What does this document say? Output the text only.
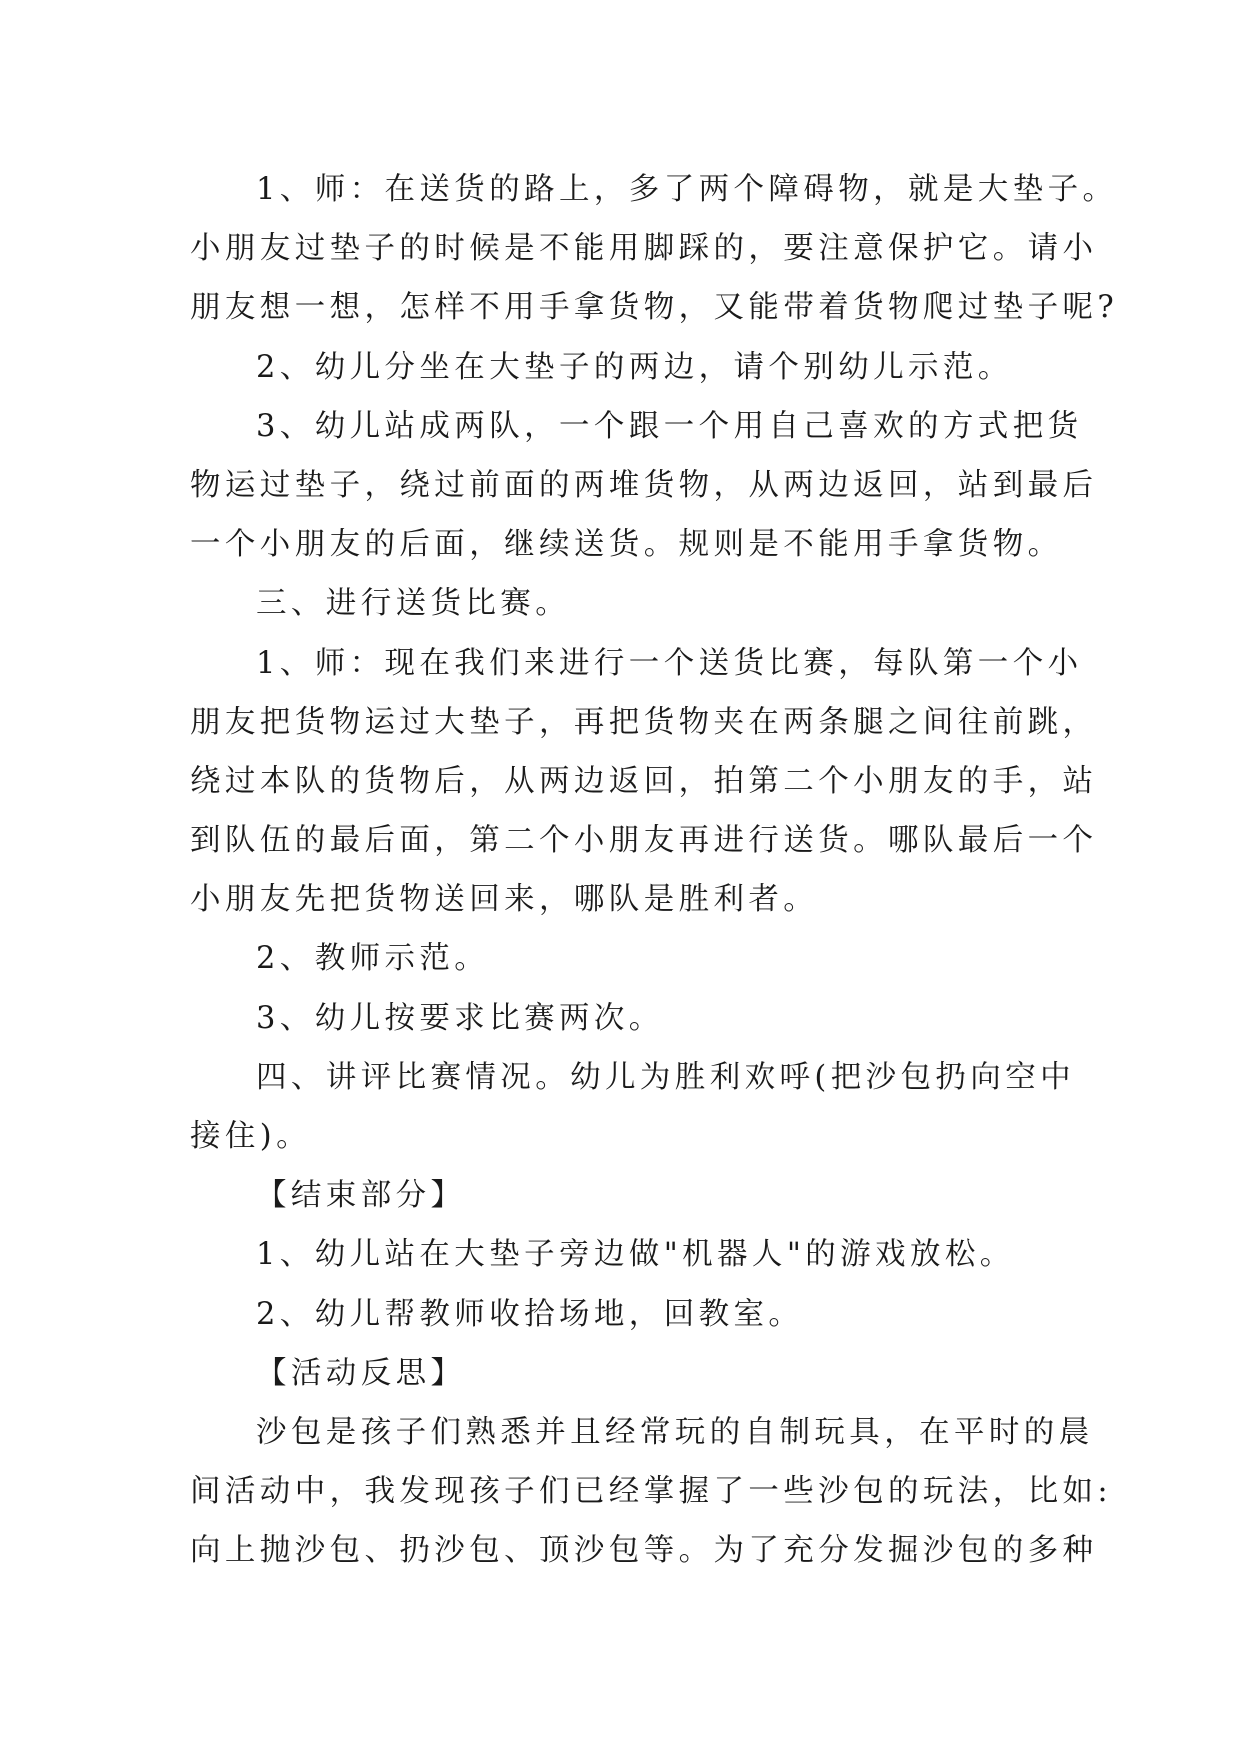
1、师：在送货的路上，多了两个障碍物，就是大垫子。
小朋友过垫子的时候是不能用脚踩的，要注意保护它。请小
朋友想一想，怎样不用手拿货物，又能带着货物爬过垫子呢?
2、幼儿分坐在大垫子的两边，请个别幼儿示范。
3、幼儿站成两队，一个跟一个用自己喜欢的方式把货
物运过垫子，绕过前面的两堆货物，从两边返回，站到最后
一个小朋友的后面，继续送货。规则是不能用手拿货物。
三、进行送货比赛。
1、师：现在我们来进行一个送货比赛，每队第一个小
朋友把货物运过大垫子，再把货物夹在两条腿之间往前跳，
绕过本队的货物后，从两边返回，拍第二个小朋友的手，站
到队伍的最后面，第二个小朋友再进行送货。哪队最后一个
小朋友先把货物送回来，哪队是胜利者。
2、教师示范。
3、幼儿按要求比赛两次。
四、讲评比赛情况。幼儿为胜利欢呼(把沙包扔向空中
接住)。
【结束部分】
1、幼儿站在大垫子旁边做"机器人"的游戏放松。
2、幼儿帮教师收拾场地，回教室。
【活动反思】
沙包是孩子们熟悉并且经常玩的自制玩具，在平时的晨
间活动中，我发现孩子们已经掌握了一些沙包的玩法，比如:
向上抛沙包、扔沙包、顶沙包等。为了充分发掘沙包的多种
